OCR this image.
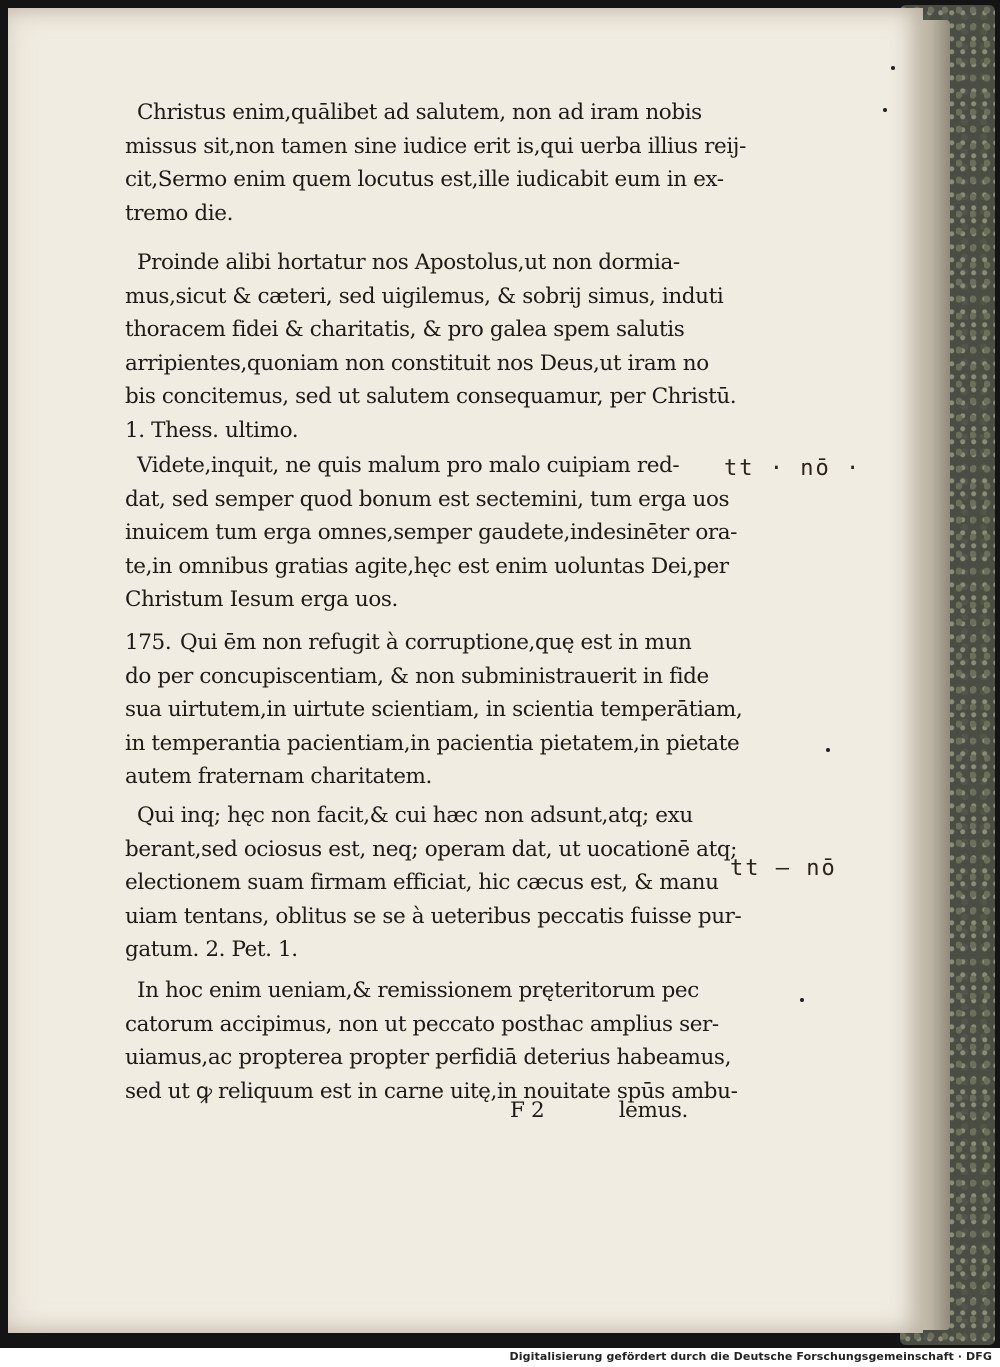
Christus enim,quālibet ad salutem, non ad iram nobis
missus sit,non tamen sine iudice erit is,qui uerba illius reij-
cit,Sermo enim quem locutus est,ille iudicabit eum in ex-
tremo die.
Proinde alibi hortatur nos Apostolus,ut non dormia-
mus,sicut & cæteri, sed uigilemus, & sobrij simus, induti
thoracem fidei & charitatis, & pro galea spem salutis
arripientes,quoniam non constituit nos Deus,ut iram no
bis concitemus, sed ut salutem consequamur, per Christū.
1. Thess. ultimo.
Videte,inquit, ne quis malum pro malo cuipiam red-
dat, sed semper quod bonum est sectemini, tum erga uos
inuicem tum erga omnes,semper gaudete,indesinēter ora-
te,in omnibus gratias agite,hęc est enim uoluntas Dei,per
Christum Iesum erga uos.
175. Qui ēm non refugit à corruptione,quę est in mun
do per concupiscentiam, & non subministrauerit in fide
sua uirtutem,in uirtute scientiam, in scientia temperātiam,
in temperantia pacientiam,in pacientia pietatem,in pietate
autem fraternam charitatem.
Qui inq; hęc non facit,& cui hæc non adsunt,atq; exu
berant,sed ociosus est, neq; operam dat, ut uocationē atq;
electionem suam firmam efficiat, hic cæcus est, & manu
uiam tentans, oblitus se se à ueteribus peccatis fuisse pur-
gatum. 2. Pet. 1.
In hoc enim ueniam,& remissionem pręteritorum pec
catorum accipimus, non ut peccato posthac amplius ser-
uiamus,ac propterea propter perfidiā deterius habeamus,
sed ut ꝙ reliquum est in carne uitę,in nouitate spūs ambu-
F 2	lemus.
tt · nō ·
tt — nō
Digitalisierung gefördert durch die Deutsche Forschungsgemeinschaft · DFG
